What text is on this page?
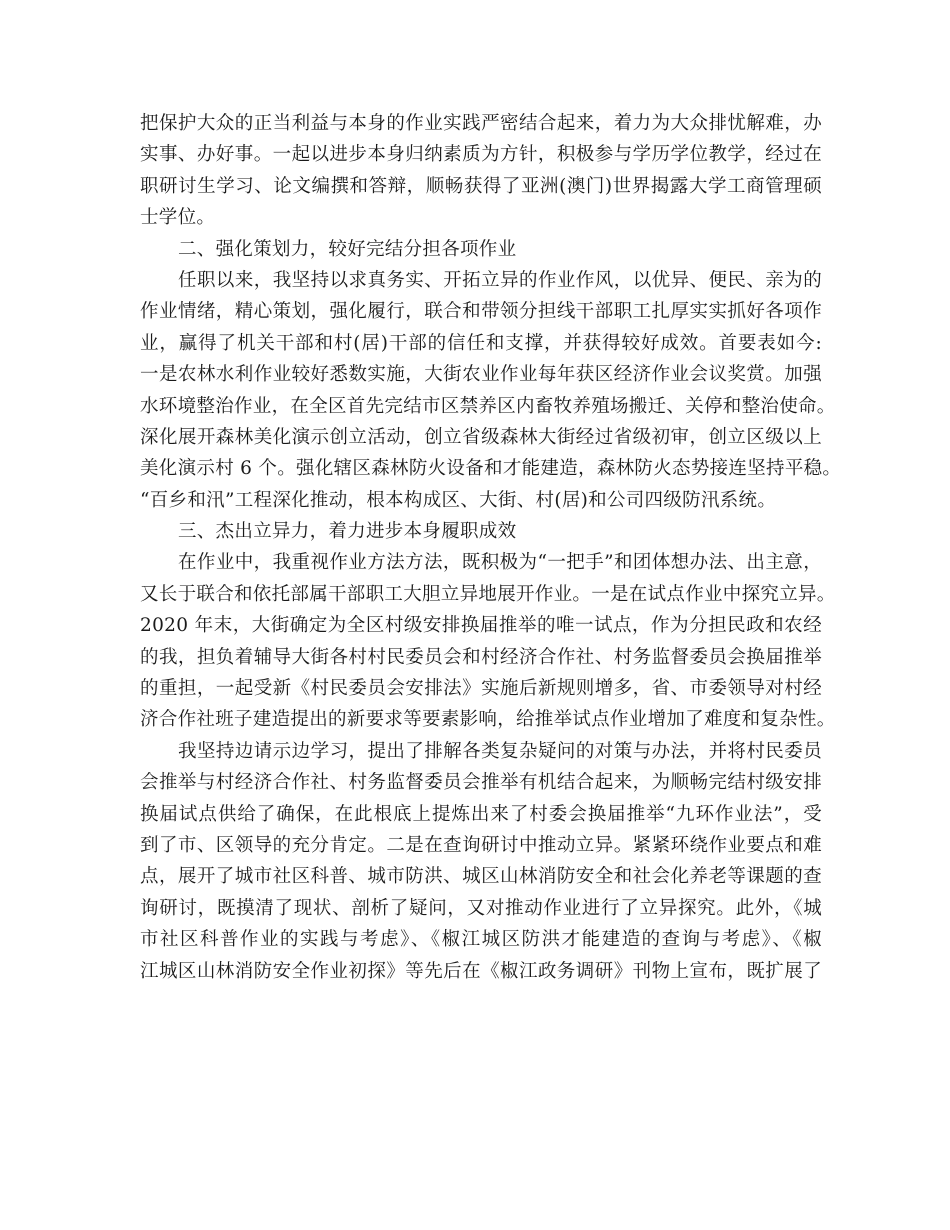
把保护大众的正当利益与本身的作业实践严密结合起来，着力为大众排忧解难，办
实事、办好事。一起以进步本身归纳素质为方针，积极参与学历学位教学，经过在
职研讨生学习、论文编撰和答辩，顺畅获得了亚洲(澳门)世界揭露大学工商管理硕
士学位。
二、强化策划力，较好完结分担各项作业
任职以来，我坚持以求真务实、开拓立异的作业作风，以优异、便民、亲为的
作业情绪，精心策划，强化履行，联合和带领分担线干部职工扎厚实实抓好各项作
业，赢得了机关干部和村(居)干部的信任和支撑，并获得较好成效。首要表如今:
一是农林水利作业较好悉数实施，大街农业作业每年获区经济作业会议奖赏。加强
水环境整治作业，在全区首先完结市区禁养区内畜牧养殖场搬迁、关停和整治使命。
深化展开森林美化演示创立活动，创立省级森林大街经过省级初审，创立区级以上
美化演示村 6 个。强化辖区森林防火设备和才能建造，森林防火态势接连坚持平稳。
“百乡和汛”工程深化推动，根本构成区、大街、村(居)和公司四级防汛系统。
三、杰出立异力，着力进步本身履职成效
在作业中，我重视作业方法方法，既积极为“一把手”和团体想办法、出主意，
又长于联合和依托部属干部职工大胆立异地展开作业。一是在试点作业中探究立异。
2020 年末，大街确定为全区村级安排换届推举的唯一试点，作为分担民政和农经
的我，担负着辅导大街各村村民委员会和村经济合作社、村务监督委员会换届推举
的重担，一起受新《村民委员会安排法》实施后新规则增多，省、市委领导对村经
济合作社班子建造提出的新要求等要素影响，给推举试点作业增加了难度和复杂性。
我坚持边请示边学习，提出了排解各类复杂疑问的对策与办法，并将村民委员
会推举与村经济合作社、村务监督委员会推举有机结合起来，为顺畅完结村级安排
换届试点供给了确保，在此根底上提炼出来了村委会换届推举“九环作业法”，受
到了市、区领导的充分肯定。二是在查询研讨中推动立异。紧紧环绕作业要点和难
点，展开了城市社区科普、城市防洪、城区山林消防安全和社会化养老等课题的查
询研讨，既摸清了现状、剖析了疑问，又对推动作业进行了立异探究。此外，《城
市社区科普作业的实践与考虑》、《椒江城区防洪才能建造的查询与考虑》、《椒
江城区山林消防安全作业初探》等先后在《椒江政务调研》刊物上宣布，既扩展了
